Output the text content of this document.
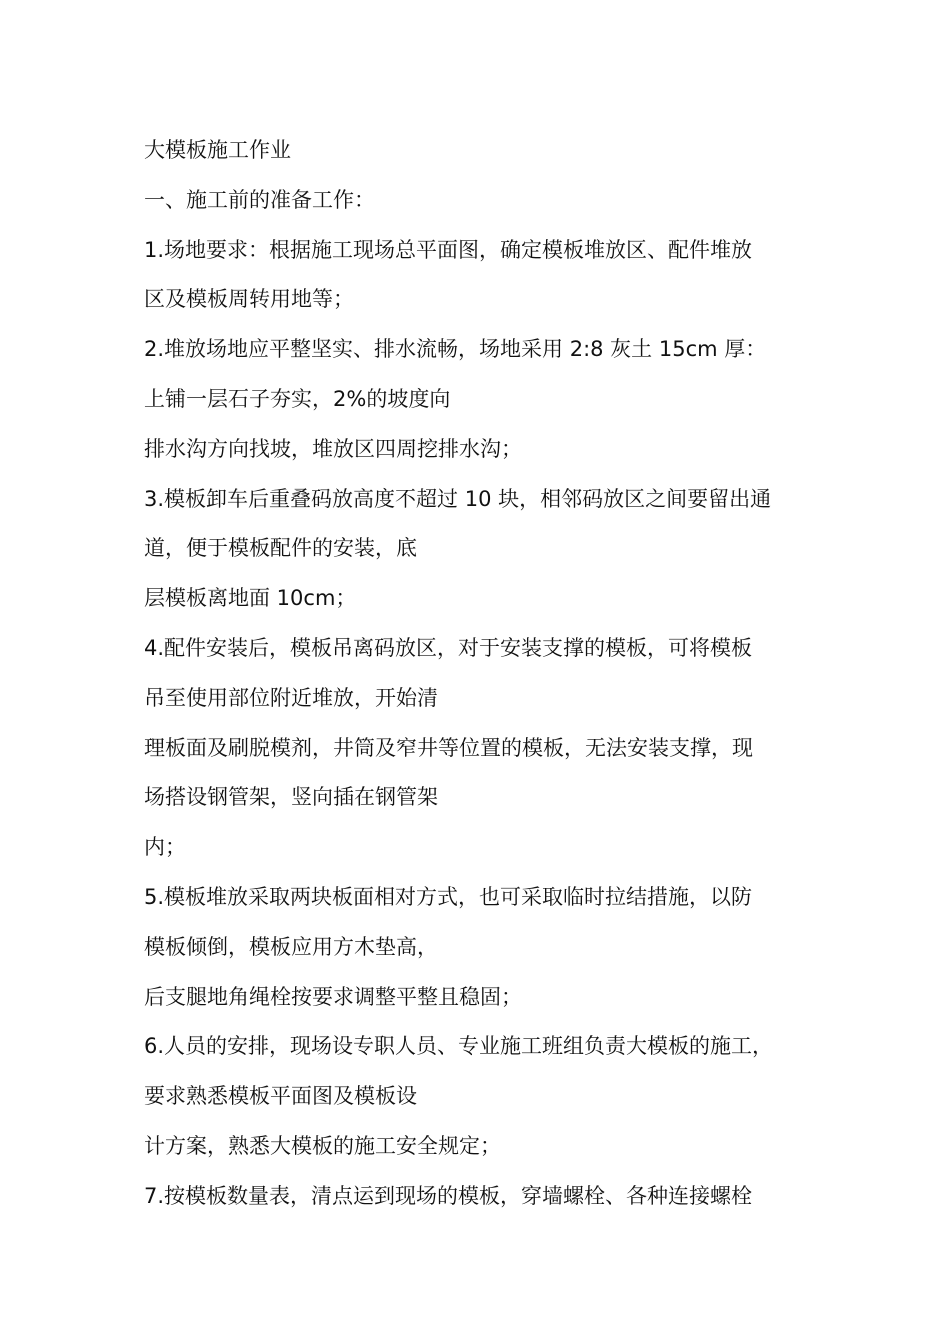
大模板施工作业
一、施工前的准备工作：
1.场地要求：根据施工现场总平面图，确定模板堆放区、配件堆放
区及模板周转用地等；
2.堆放场地应平整坚实、排水流畅，场地采用 2:8 灰土 15cm 厚：
上铺一层石子夯实，2%的坡度向
排水沟方向找坡，堆放区四周挖排水沟；
3.模板卸车后重叠码放高度不超过 10 块，相邻码放区之间要留出通
道，便于模板配件的安装，底
层模板离地面 10cm；
4.配件安装后，模板吊离码放区，对于安装支撑的模板，可将模板
吊至使用部位附近堆放，开始清
理板面及刷脱模剂，井筒及窄井等位置的模板，无法安装支撑，现
场搭设钢管架，竖向插在钢管架
内；
5.模板堆放采取两块板面相对方式，也可采取临时拉结措施，以防
模板倾倒，模板应用方木垫高，
后支腿地角绳栓按要求调整平整且稳固；
6.人员的安排，现场设专职人员、专业施工班组负责大模板的施工，
要求熟悉模板平面图及模板设
计方案，熟悉大模板的施工安全规定；
7.按模板数量表，清点运到现场的模板，穿墙螺栓、各种连接螺栓
